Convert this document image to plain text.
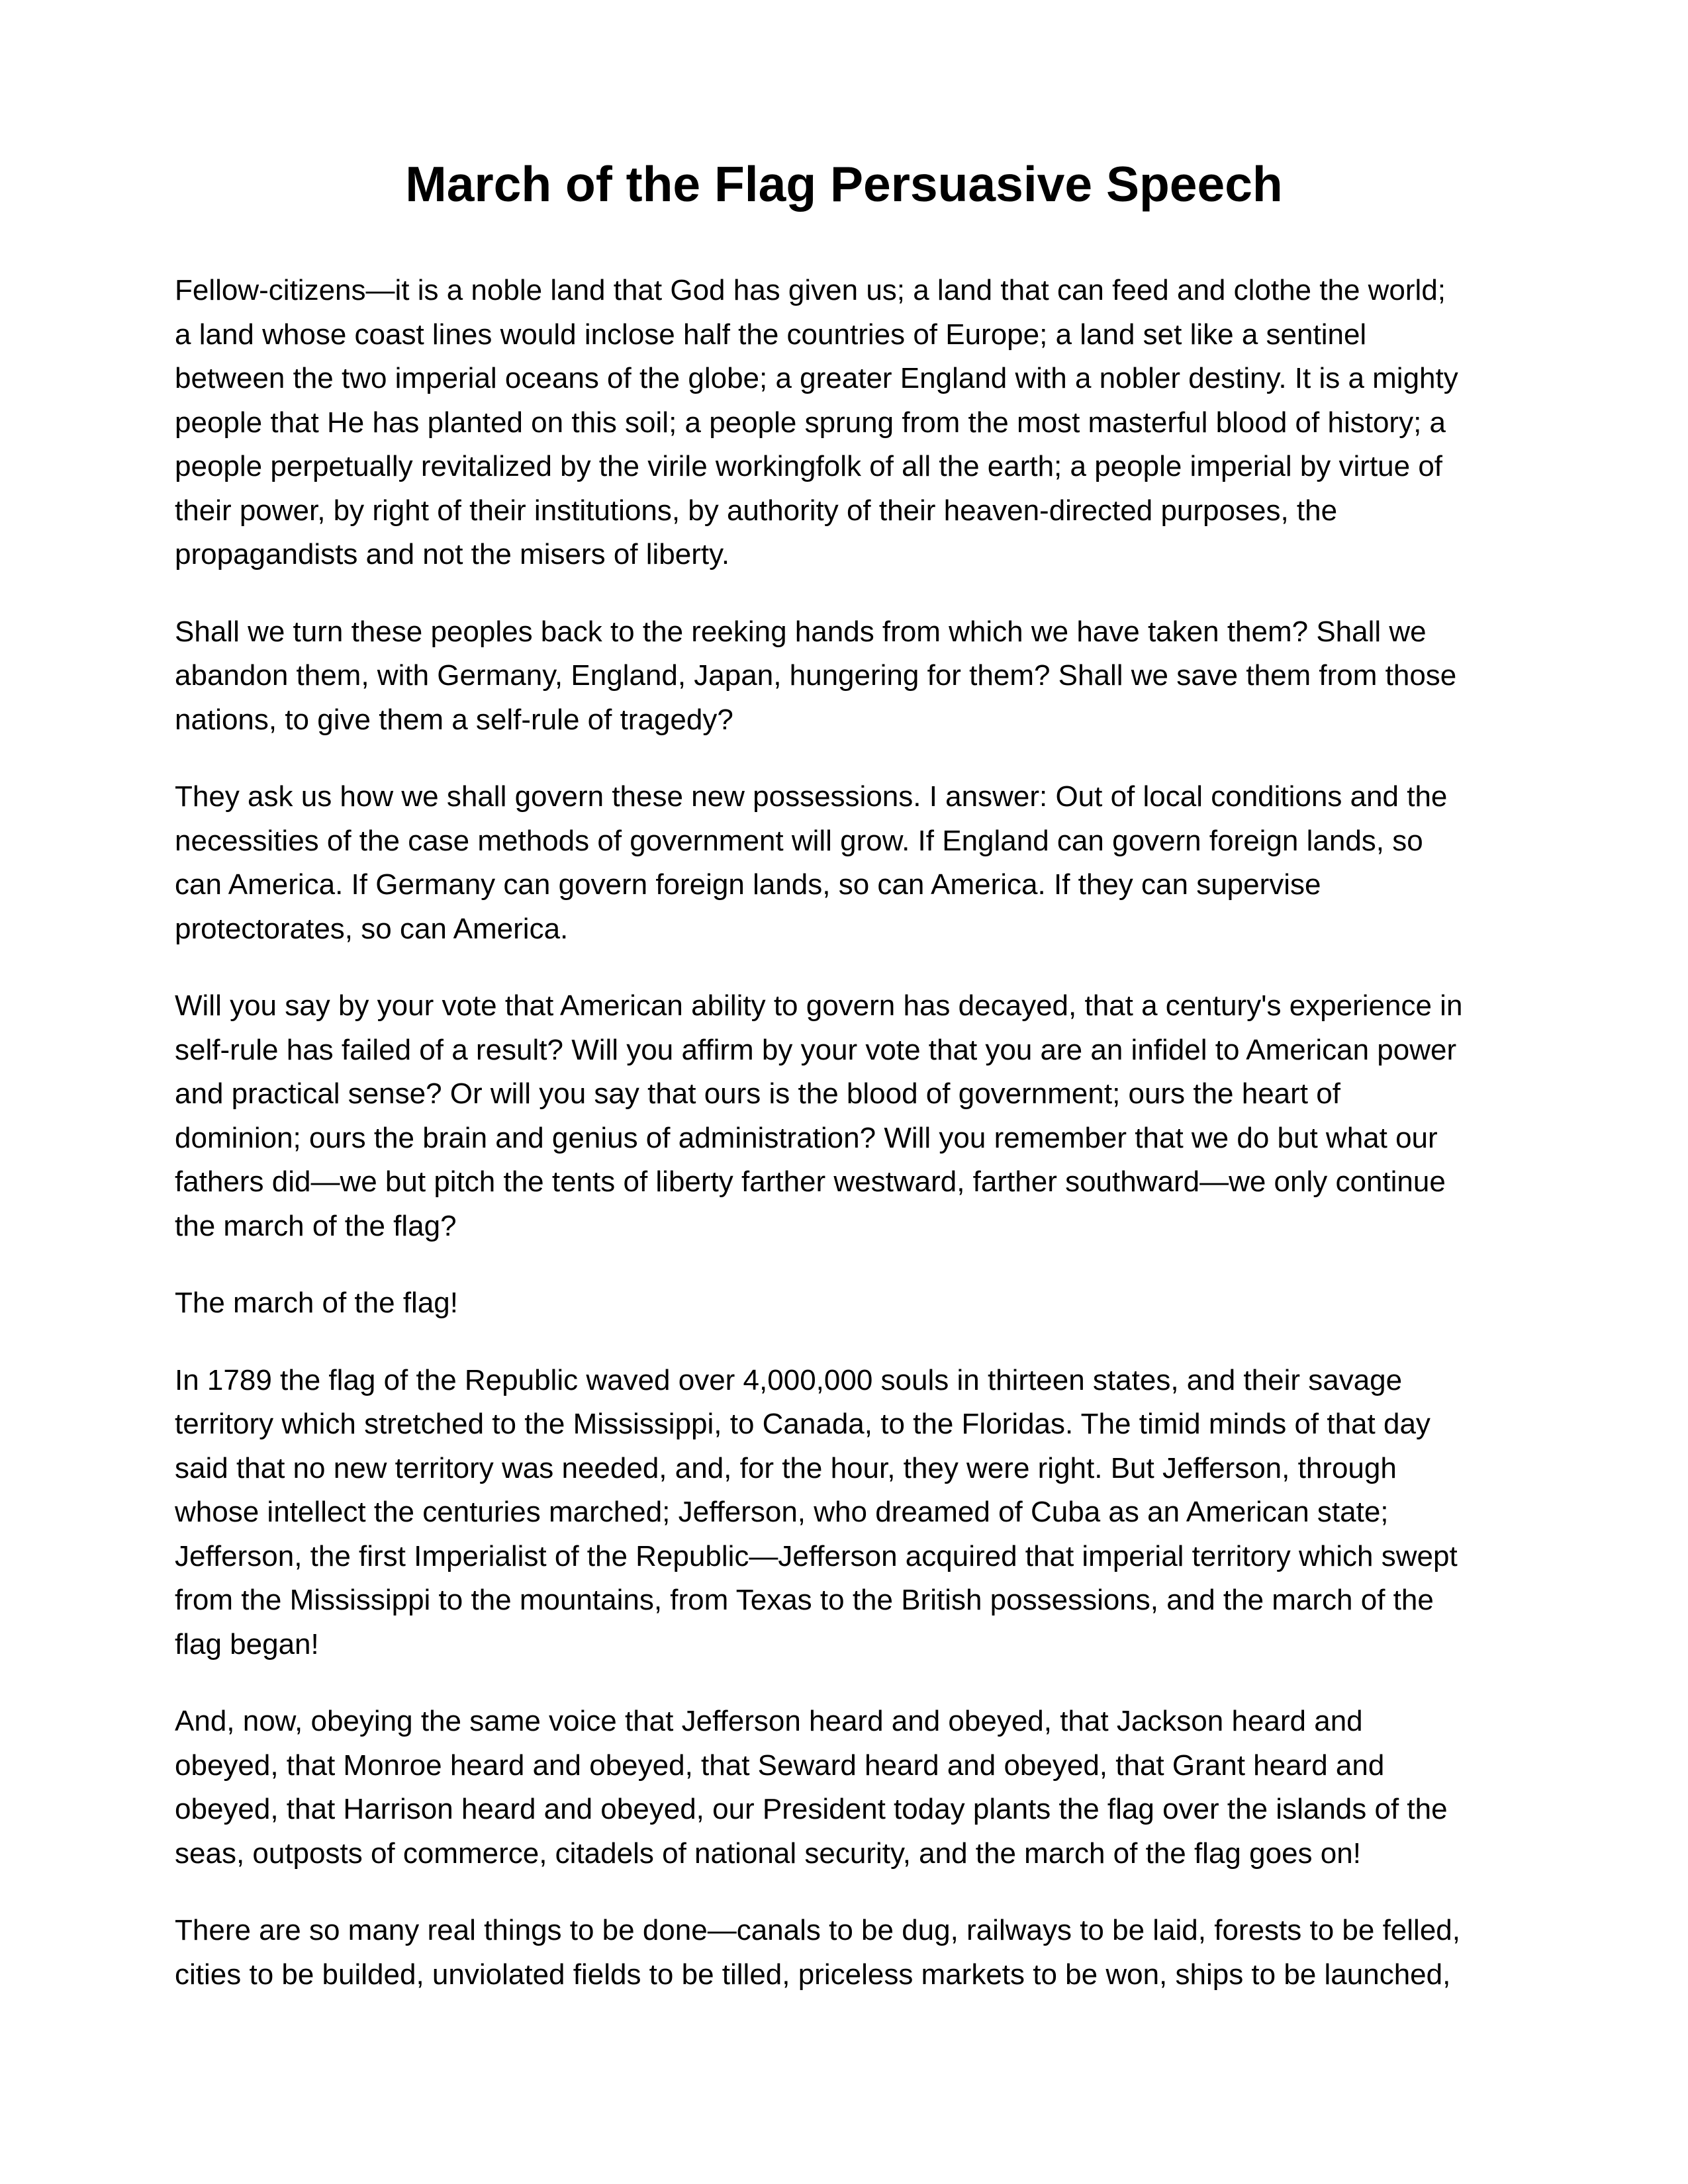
March of the Flag Persuasive Speech

Fellow-citizens—it is a noble land that God has given us; a land that can feed and clothe the world;
a land whose coast lines would inclose half the countries of Europe; a land set like a sentinel
between the two imperial oceans of the globe; a greater England with a nobler destiny. It is a mighty
people that He has planted on this soil; a people sprung from the most masterful blood of history; a
people perpetually revitalized by the virile workingfolk of all the earth; a people imperial by virtue of
their power, by right of their institutions, by authority of their heaven-directed purposes, the
propagandists and not the misers of liberty.

Shall we turn these peoples back to the reeking hands from which we have taken them? Shall we
abandon them, with Germany, England, Japan, hungering for them? Shall we save them from those
nations, to give them a self-rule of tragedy?

They ask us how we shall govern these new possessions. I answer: Out of local conditions and the
necessities of the case methods of government will grow. If England can govern foreign lands, so
can America. If Germany can govern foreign lands, so can America. If they can supervise
protectorates, so can America.

Will you say by your vote that American ability to govern has decayed, that a century's experience in
self-rule has failed of a result? Will you affirm by your vote that you are an infidel to American power
and practical sense? Or will you say that ours is the blood of government; ours the heart of
dominion; ours the brain and genius of administration? Will you remember that we do but what our
fathers did—we but pitch the tents of liberty farther westward, farther southward—we only continue
the march of the flag?

The march of the flag!

In 1789 the flag of the Republic waved over 4,000,000 souls in thirteen states, and their savage
territory which stretched to the Mississippi, to Canada, to the Floridas. The timid minds of that day
said that no new territory was needed, and, for the hour, they were right. But Jefferson, through
whose intellect the centuries marched; Jefferson, who dreamed of Cuba as an American state;
Jefferson, the first Imperialist of the Republic—Jefferson acquired that imperial territory which swept
from the Mississippi to the mountains, from Texas to the British possessions, and the march of the
flag began!

And, now, obeying the same voice that Jefferson heard and obeyed, that Jackson heard and
obeyed, that Monroe heard and obeyed, that Seward heard and obeyed, that Grant heard and
obeyed, that Harrison heard and obeyed, our President today plants the flag over the islands of the
seas, outposts of commerce, citadels of national security, and the march of the flag goes on!

There are so many real things to be done—canals to be dug, railways to be laid, forests to be felled,
cities to be builded, unviolated fields to be tilled, priceless markets to be won, ships to be launched,
